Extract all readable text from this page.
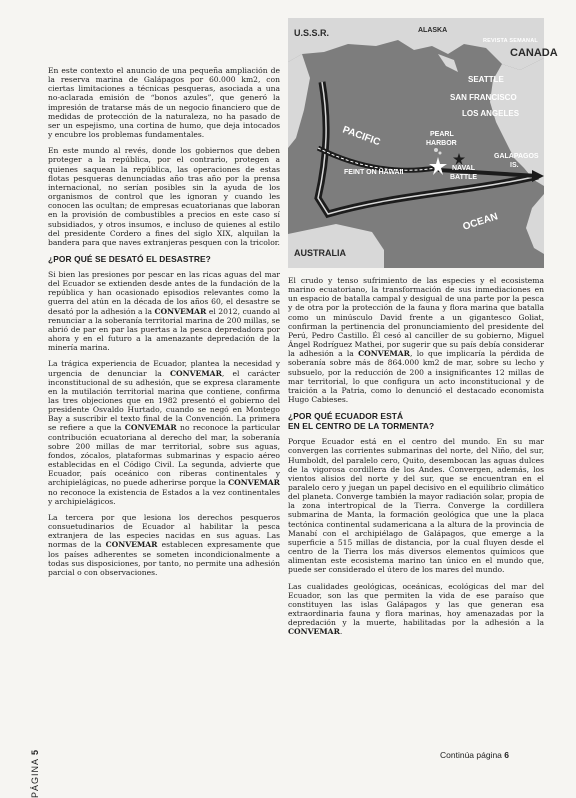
U.S.S.R.	ALASKA
CANADA
SEATTLE
SAN FRANCISCO
LOS ANGELES
PACIFIC
FEINT ON HAWAII
PEARL
HARBOR
NAVAL
BATTLE
GALAPAGOS
IS.
OCEAN
AUSTRALIA
REVISTA SEMANAL

En este contexto el anuncio de una pequeña ampliación de la reserva marina de Galápagos por 60.000 km2, con ciertas limitaciones a técnicas pesqueras, asociada a una no-aclarada emisión de “bonos azules”, que generó la impresión de tratarse más de un negocio financiero que de medidas de protección de la naturaleza, no ha pasado de ser un espejismo, una cortina de humo, que deja intocados y encubre los problemas fundamentales.

En este mundo al revés, donde los gobiernos que deben proteger a la república, por el contrario, protegen a quienes saquean la república, las operaciones de estas flotas pesqueras denunciadas año tras año por la prensa internacional, no serían posibles sin la ayuda de los organismos de control que les ignoran y cuando les conocen las ocultan; de empresas ecuatorianas que laboran en la provisión de combustibles a precios en este caso sí subsidiados, y otros insumos, e incluso de quienes al estilo del presidente Cordero a fines del siglo XIX, alquilan la bandera para que naves extranjeras pesquen con la tricolor.

¿POR QUÉ SE DESATÓ EL DESASTRE?

Si bien las presiones por pescar en las ricas aguas del mar del Ecuador se extienden desde antes de la fundación de la república y han ocasionado episodios relevantes como la guerra del atún en la década de los años 60, el desastre se desató por la adhesión a la CONVEMAR el 2012, cuando al renunciar a la soberanía territorial marina de 200 millas, se abrió de par en par las puertas a la pesca depredadora por ahora y en el futuro a la amenazante depredación de la minería marina.

La trágica experiencia de Ecuador, plantea la necesidad y urgencia de denunciar la CONVEMAR, el carácter inconstitucional de su adhesión, que se expresa claramente en la mutilación territorial marina que contiene, confirma las tres objeciones que en 1982 presentó el gobierno del presidente Osvaldo Hurtado, cuando se negó en Montego Bay a suscribir el texto final de la Convención. La primera se refiere a que la CONVEMAR no reconoce la particular contribución ecuatoriana al derecho del mar, la soberanía sobre 200 millas de mar territorial, sobre sus aguas, fondos, zócalos, plataformas submarinas y espacio aéreo establecidas en el Código Civil. La segunda, advierte que Ecuador, país oceánico con riberas continentales y archipielágicas, no puede adherirse porque la CONVEMAR no reconoce la existencia de Estados a la vez continentales y archipielágicos.

La tercera por que lesiona los derechos pesqueros consuetudinarios de Ecuador al habilitar la pesca extranjera de las especies nacidas en sus aguas. Las normas de la CONVEMAR establecen expresamente que los países adherentes se someten incondicionalmente a todas sus disposiciones, por tanto, no permite una adhesión parcial o con observaciones.

El crudo y tenso sufrimiento de las especies y el ecosistema marino ecuatoriano, la transformación de sus inmediaciones en un espacio de batalla campal y desigual de una parte por la pesca y de otra por la protección de la fauna y flora marina que batalla como un minúsculo David frente a un gigantesco Goliat, confirman la pertinencia del pronunciamiento del presidente del Perú, Pedro Castillo. Él cesó al canciller de su gobierno, Miguel Ángel Rodríguez Mathei, por sugerir que su país debía considerar la adhesión a la CONVEMAR, lo que implicaría la pérdida de soberanía sobre más de 864.000 km2 de mar, sobre su lecho y subsuelo, por la reducción de 200 a insignificantes 12 millas de mar territorial, lo que configura un acto inconstitucional y de traición a la Patria, como lo denunció el destacado economista Hugo Cabieses.

¿POR QUÉ ECUADOR ESTÁ
EN EL CENTRO DE LA TORMENTA?

Porque Ecuador está en el centro del mundo. En su mar convergen las corrientes submarinas del norte, del Niño, del sur, Humboldt, del paralelo cero, Quito, desembocan las aguas dulces de la vigorosa cordillera de los Andes. Convergen, además, los vientos alisios del norte y del sur, que se encuentran en el paralelo cero y juegan un papel decisivo en el equilibrio climático del planeta. Converge también la mayor radiación solar, propia de la zona intertropical de la Tierra. Converge la cordillera submarina de Manta, la formación geológica que une la placa tectónica continental sudamericana a la altura de la provincia de Manabí con el archipiélago de Galápagos, que emerge a la superficie a 515 millas de distancia, por la cual fluyen desde el centro de la Tierra los más diversos elementos químicos que alimentan este ecosistema marino tan único en el mundo que, puede ser considerado el útero de los mares del mundo.

Las cualidades geológicas, oceánicas, ecológicas del mar del Ecuador, son las que permiten la vida de ese paraíso que constituyen las islas Galápagos y las que generan esa extraordinaria fauna y flora marinas, hoy amenazadas por la depredación y la muerte, habilitadas por la adhesión a la CONVEMAR.

Continúa página 6
PÁGINA 5
